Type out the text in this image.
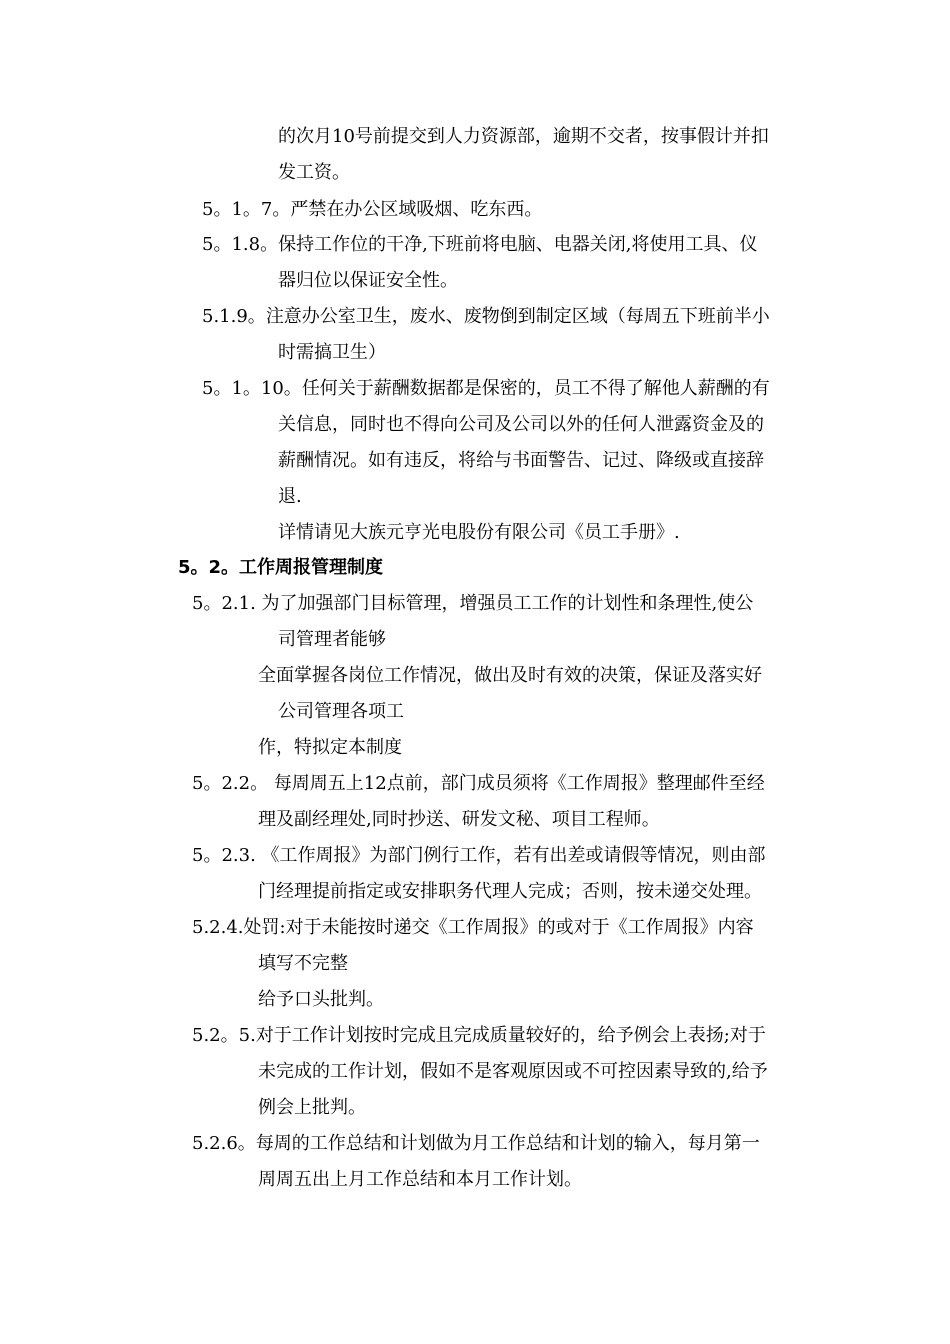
的次月10号前提交到人力资源部，逾期不交者，按事假计并扣
发工资。
5。1。7。严禁在办公区域吸烟、吃东西。
5。1.8。保持工作位的干净,下班前将电脑、电器关闭,将使用工具、仪
器归位以保证安全性。
5.1.9。注意办公室卫生，废水、废物倒到制定区域（每周五下班前半小
时需搞卫生）
5。1。10。任何关于薪酬数据都是保密的，员工不得了解他人薪酬的有
关信息，同时也不得向公司及公司以外的任何人泄露资金及的
薪酬情况。如有违反，将给与书面警告、记过、降级或直接辞
退.
详情请见大族元亨光电股份有限公司《员工手册》.
5。2。工作周报管理制度
5。2.1. 为了加强部门目标管理，增强员工工作的计划性和条理性,使公
司管理者能够
全面掌握各岗位工作情况，做出及时有效的决策，保证及落实好
公司管理各项工
作，特拟定本制度
5。2.2。 每周周五上12点前，部门成员须将《工作周报》整理邮件至经
理及副经理处,同时抄送、研发文秘、项目工程师。
5。2.3. 《工作周报》为部门例行工作，若有出差或请假等情况，则由部
门经理提前指定或安排职务代理人完成；否则，按未递交处理。
5.2.4.处罚:对于未能按时递交《工作周报》的或对于《工作周报》内容
填写不完整
给予口头批判。
5.2。5.对于工作计划按时完成且完成质量较好的，给予例会上表扬;对于
未完成的工作计划，假如不是客观原因或不可控因素导致的,给予
例会上批判。
5.2.6。每周的工作总结和计划做为月工作总结和计划的输入，每月第一
周周五出上月工作总结和本月工作计划。
